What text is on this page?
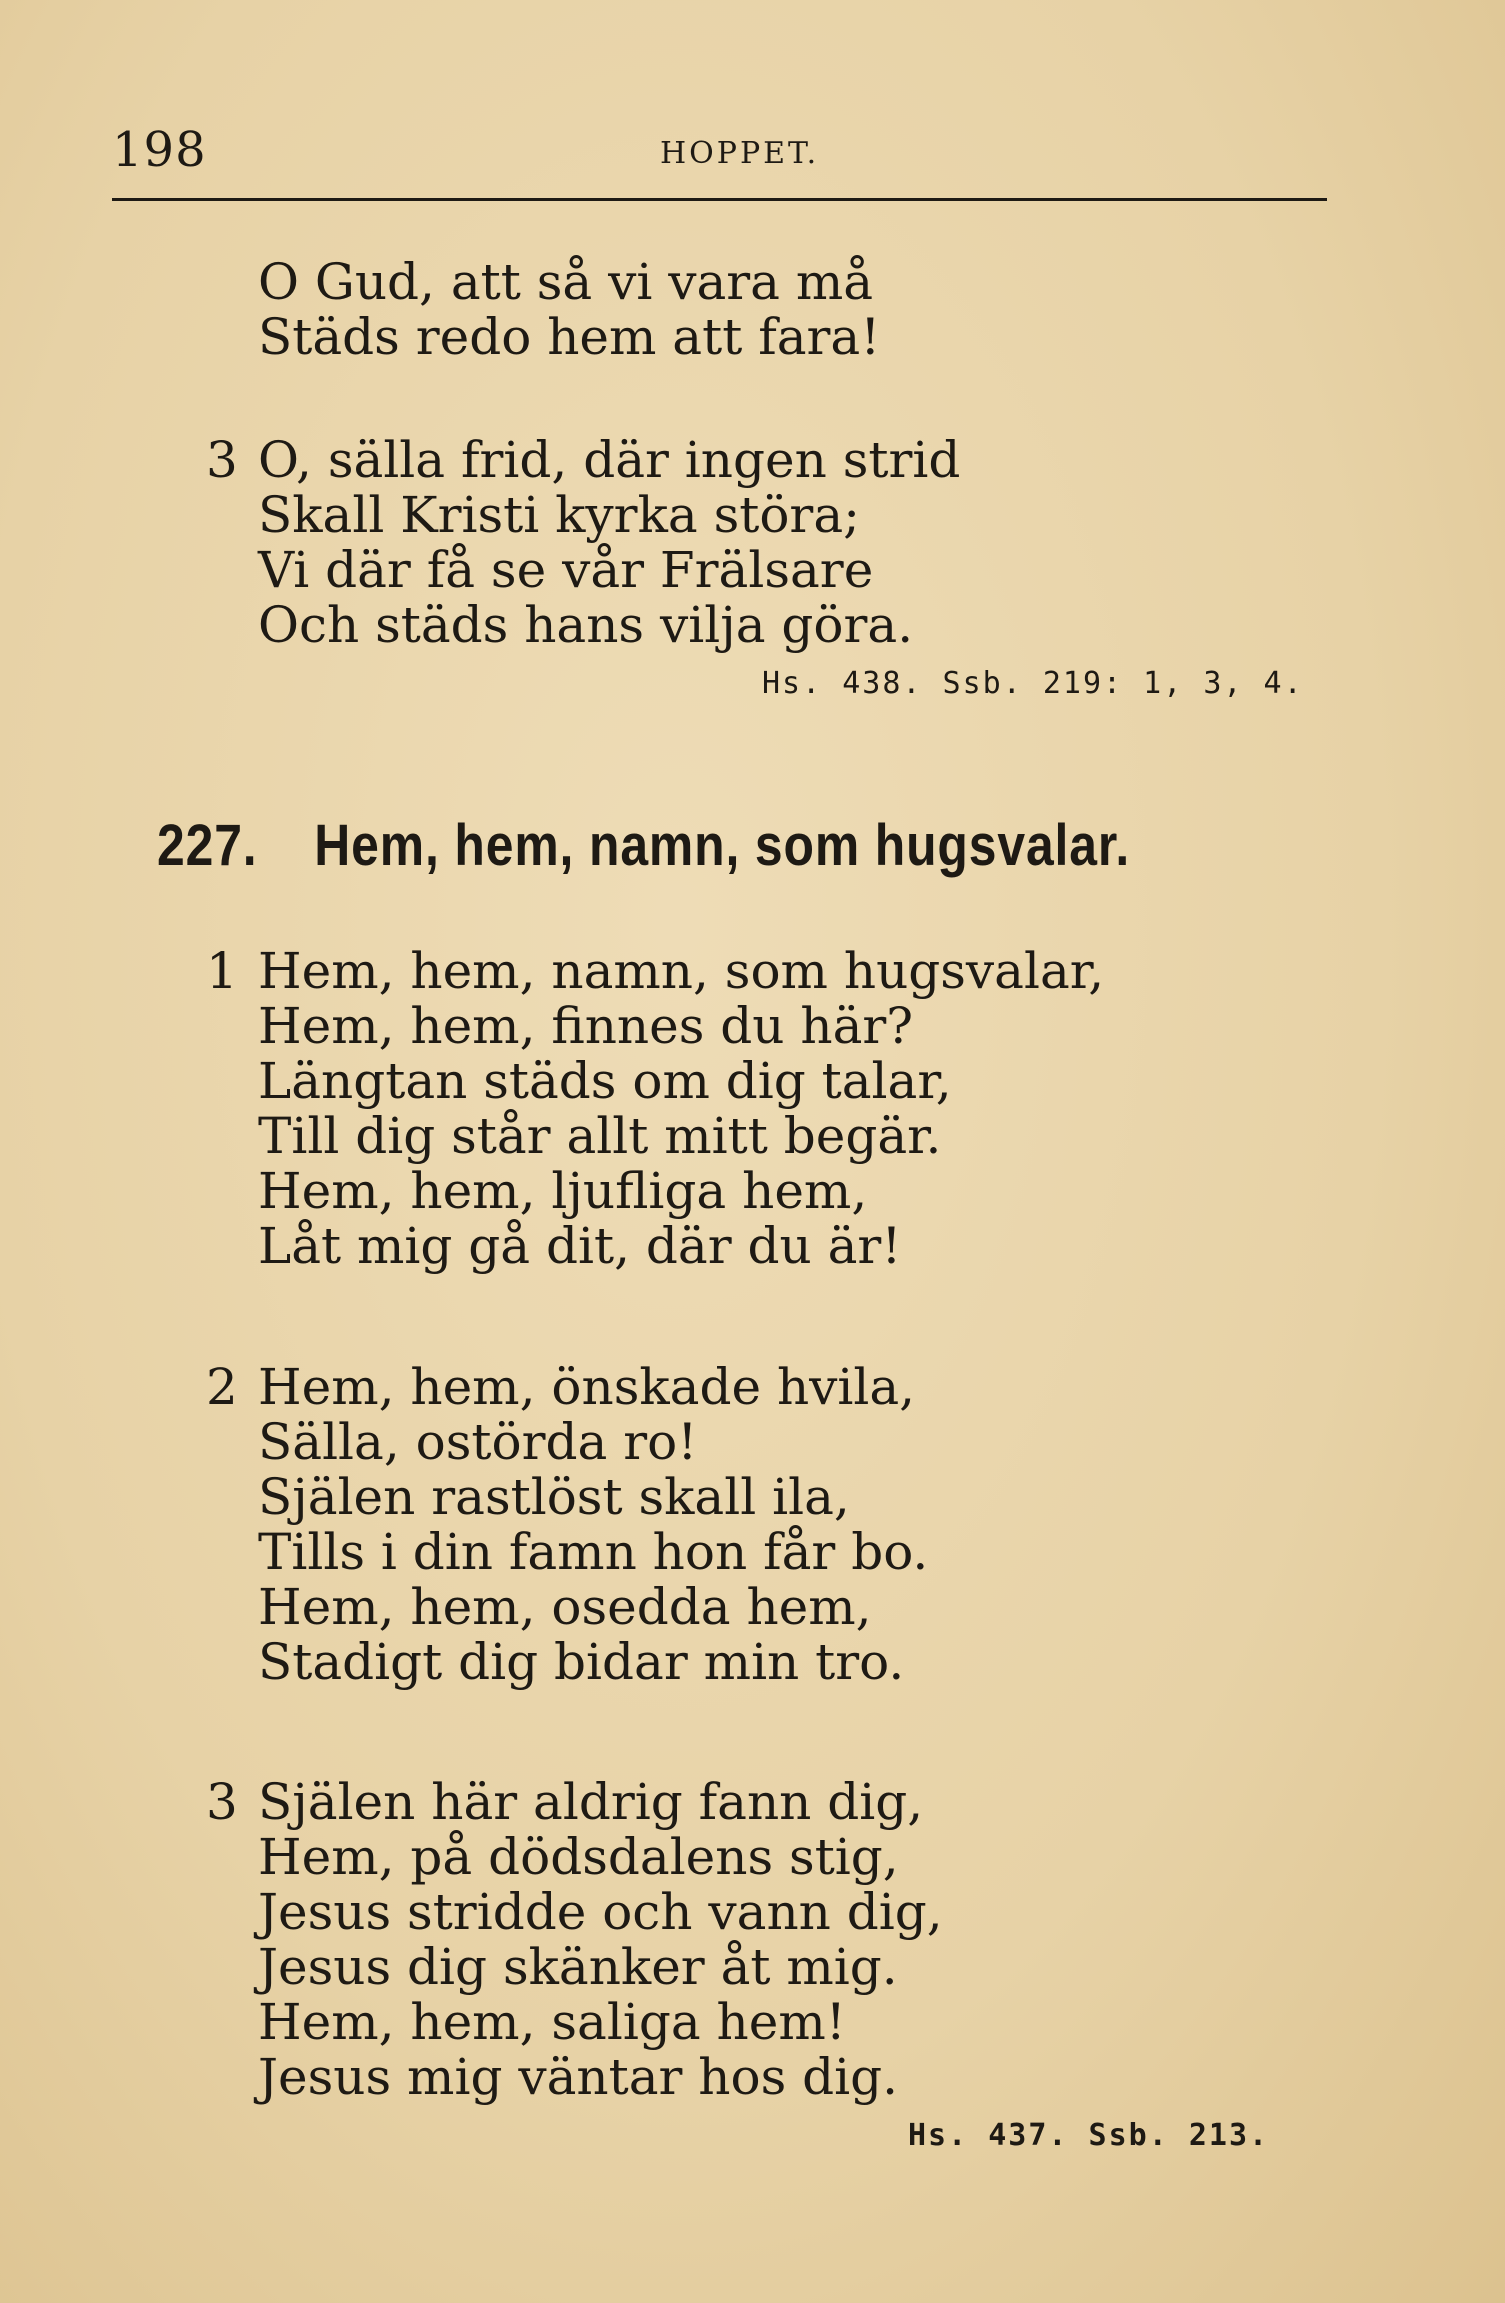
198	HOPPET.
O Gud, att så vi vara må
Städs redo hem att fara!
3 O, sälla frid, där ingen strid
Skall Kristi kyrka störa;
Vi där få se vår Frälsare
Och städs hans vilja göra.
Hs. 438. Ssb. 219: 1, 3, 4.
227. Hem, hem, namn, som hugsvalar.
1 Hem, hem, namn, som hugsvalar,
Hem, hem, finnes du här?
Längtan städs om dig talar,
Till dig står allt mitt begär.
Hem, hem, ljufliga hem,
Låt mig gå dit, där du är!
2 Hem, hem, önskade hvila,
Sälla, ostörda ro!
Själen rastlöst skall ila,
Tills i din famn hon får bo.
Hem, hem, osedda hem,
Stadigt dig bidar min tro.
3 Själen här aldrig fann dig,
Hem, på dödsdalens stig,
Jesus stridde och vann dig,
Jesus dig skänker åt mig.
Hem, hem, saliga hem!
Jesus mig väntar hos dig.
Hs. 437. Ssb. 213.
